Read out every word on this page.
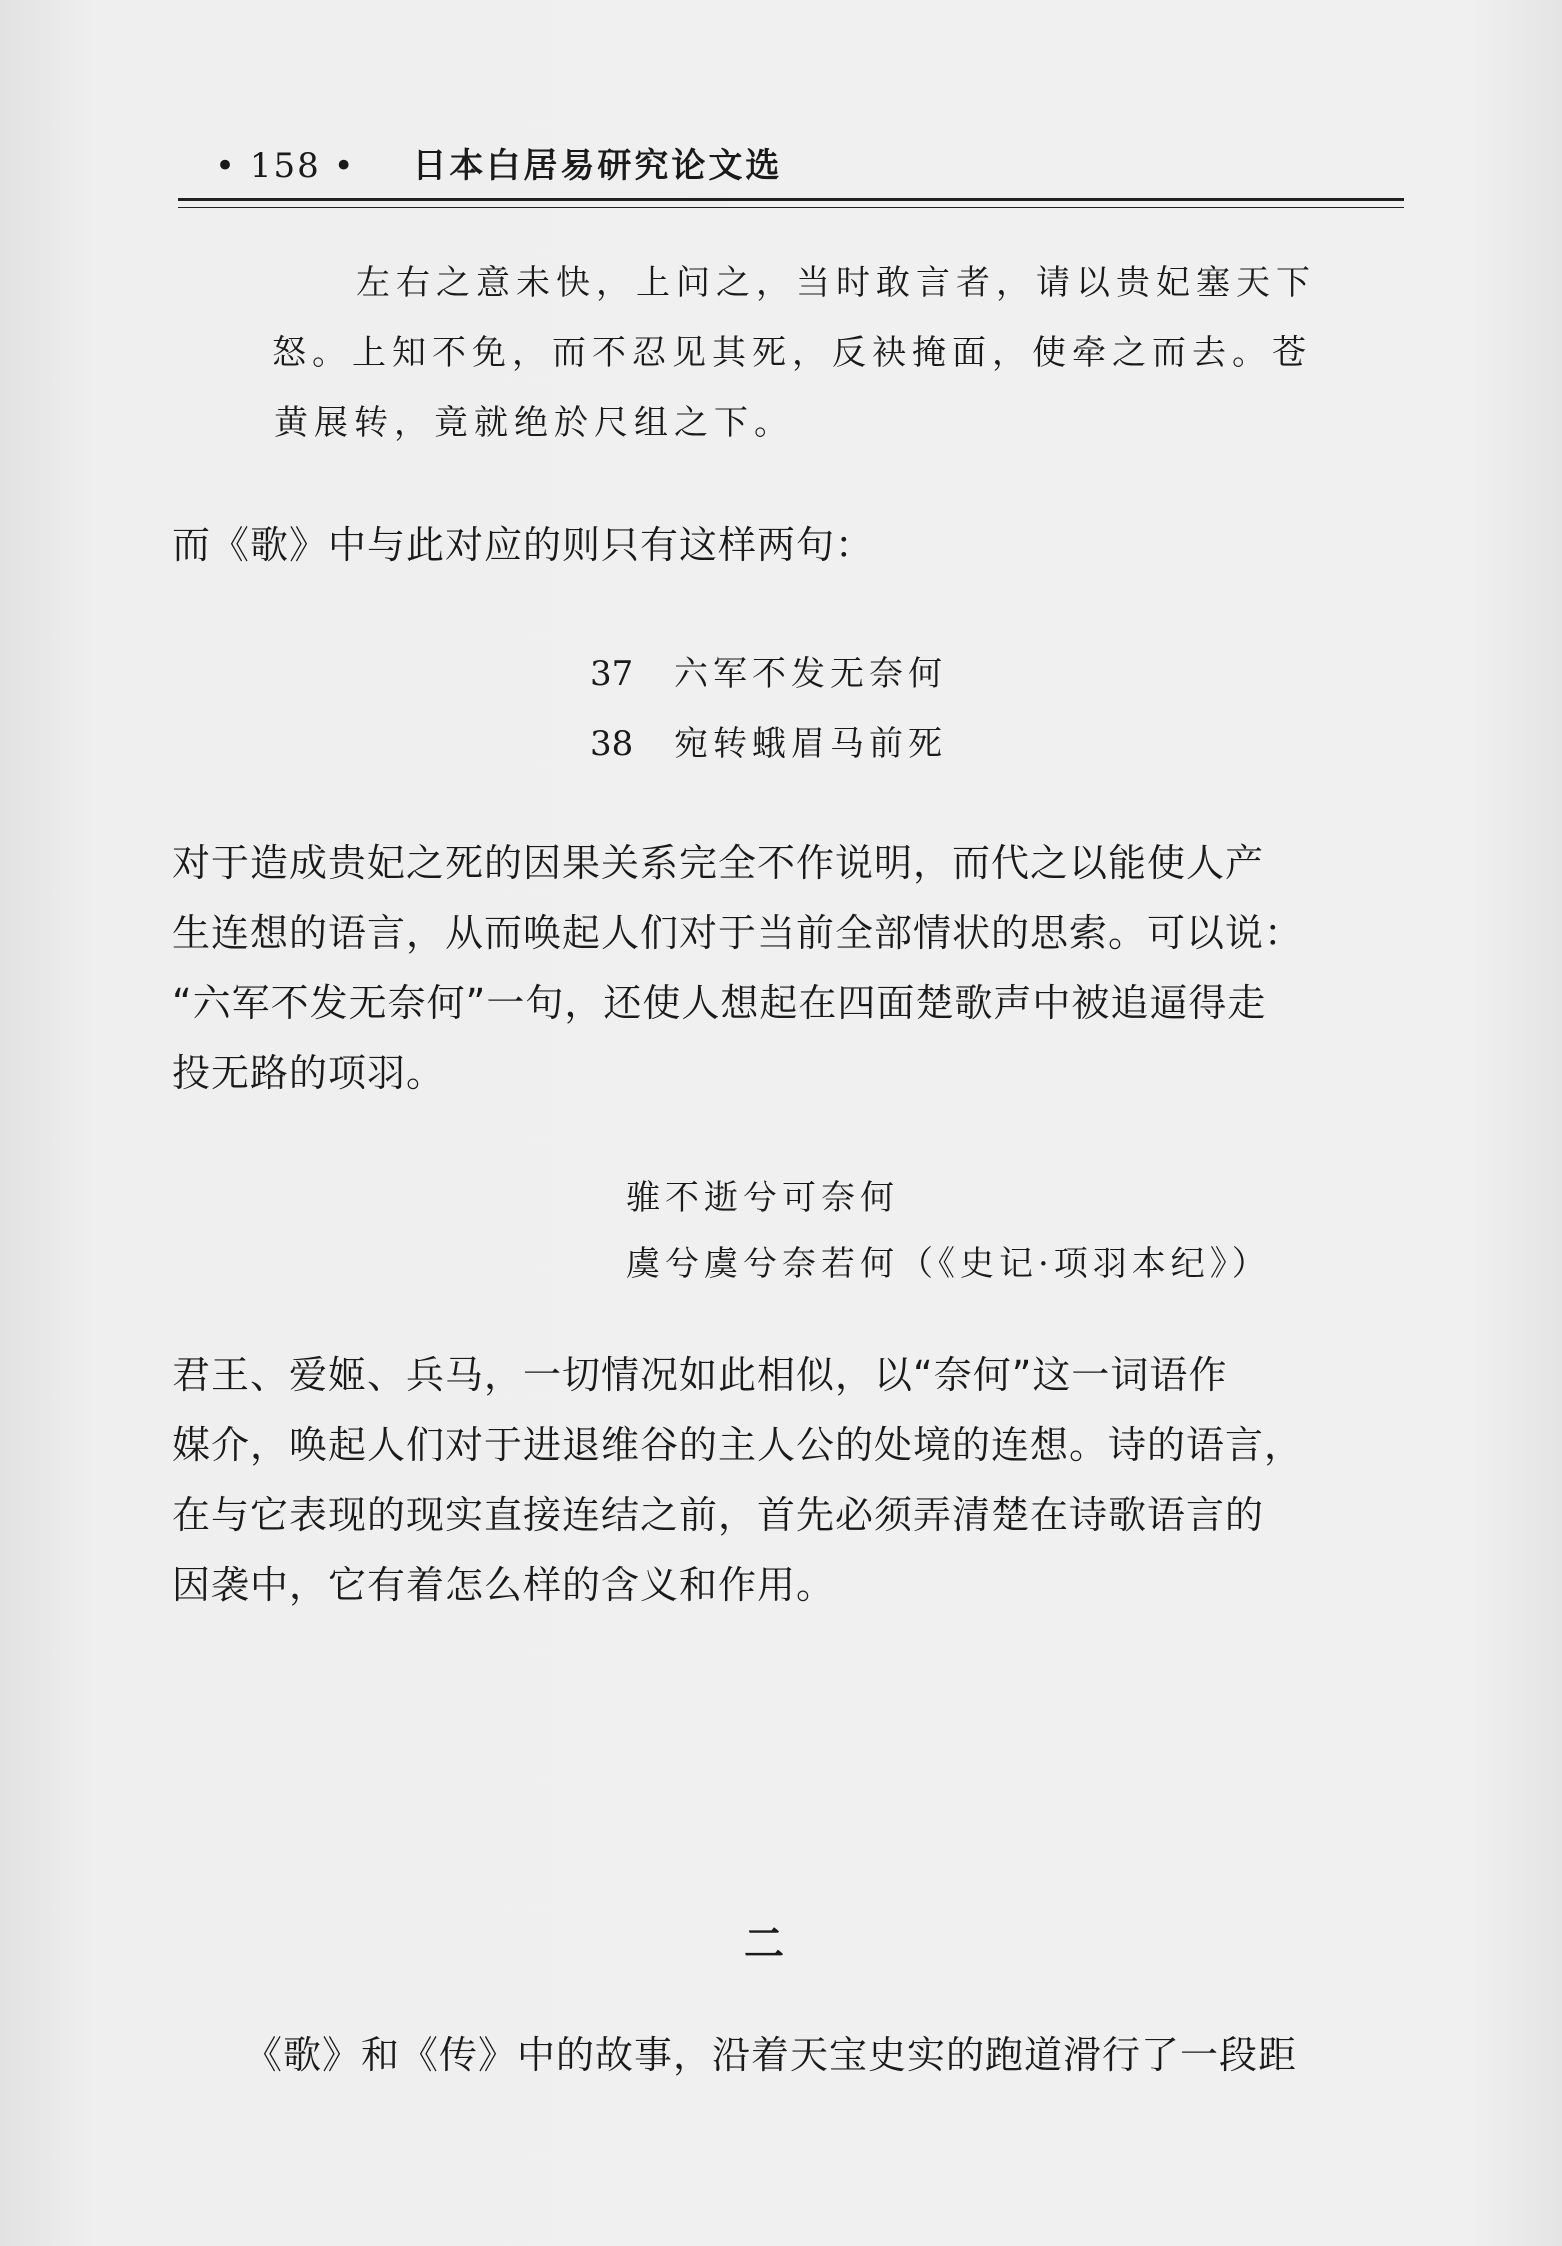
• 158 • 日本白居易研究论文选
左右之意未快，上问之，当时敢言者，请以贵妃塞天下
怒。上知不免，而不忍见其死，反袂掩面，使牵之而去。苍
黄展转，竟就绝於尺组之下。
而《歌》中与此对应的则只有这样两句：
37 六军不发无奈何
38 宛转蛾眉马前死
对于造成贵妃之死的因果关系完全不作说明，而代之以能使人产
生连想的语言，从而唤起人们对于当前全部情状的思索。可以说：
“六军不发无奈何”一句，还使人想起在四面楚歌声中被追逼得走
投无路的项羽。
骓不逝兮可奈何
虞兮虞兮奈若何（《史记·项羽本纪》）
君王、爱姬、兵马，一切情况如此相似，以“奈何”这一词语作
媒介，唤起人们对于进退维谷的主人公的处境的连想。诗的语言，
在与它表现的现实直接连结之前，首先必须弄清楚在诗歌语言的
因袭中，它有着怎么样的含义和作用。
二
《歌》和《传》中的故事，沿着天宝史实的跑道滑行了一段距
